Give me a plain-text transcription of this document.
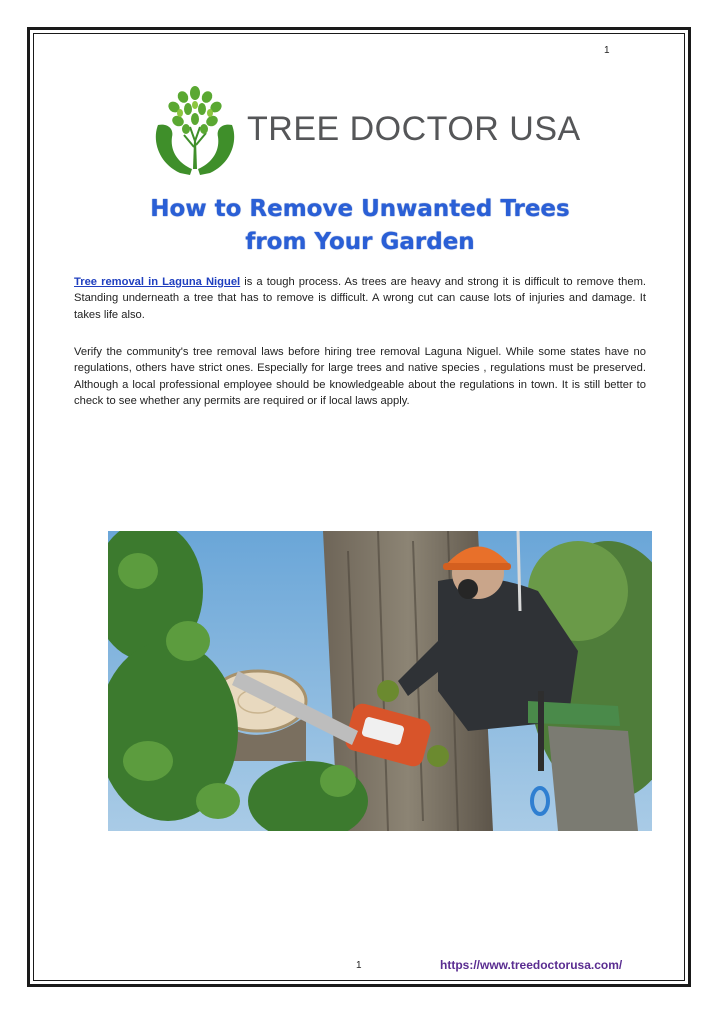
1
TREE DOCTOR USA
How to Remove Unwanted Trees
from Your Garden

Tree removal in Laguna Niguel is a tough process. As trees are heavy and strong it is difficult to remove them. Standing underneath a tree that has to remove is difficult. A wrong cut can cause lots of injuries and damage. It takes life also.

Verify the community's tree removal laws before hiring tree removal Laguna Niguel. While some states have no regulations, others have strict ones. Especially for large trees and native species , regulations must be preserved. Although a local professional employee should be knowledgeable about the regulations in town. It is still better to check to see whether any permits are required or if local laws apply.

1	https://www.treedoctorusa.com/
